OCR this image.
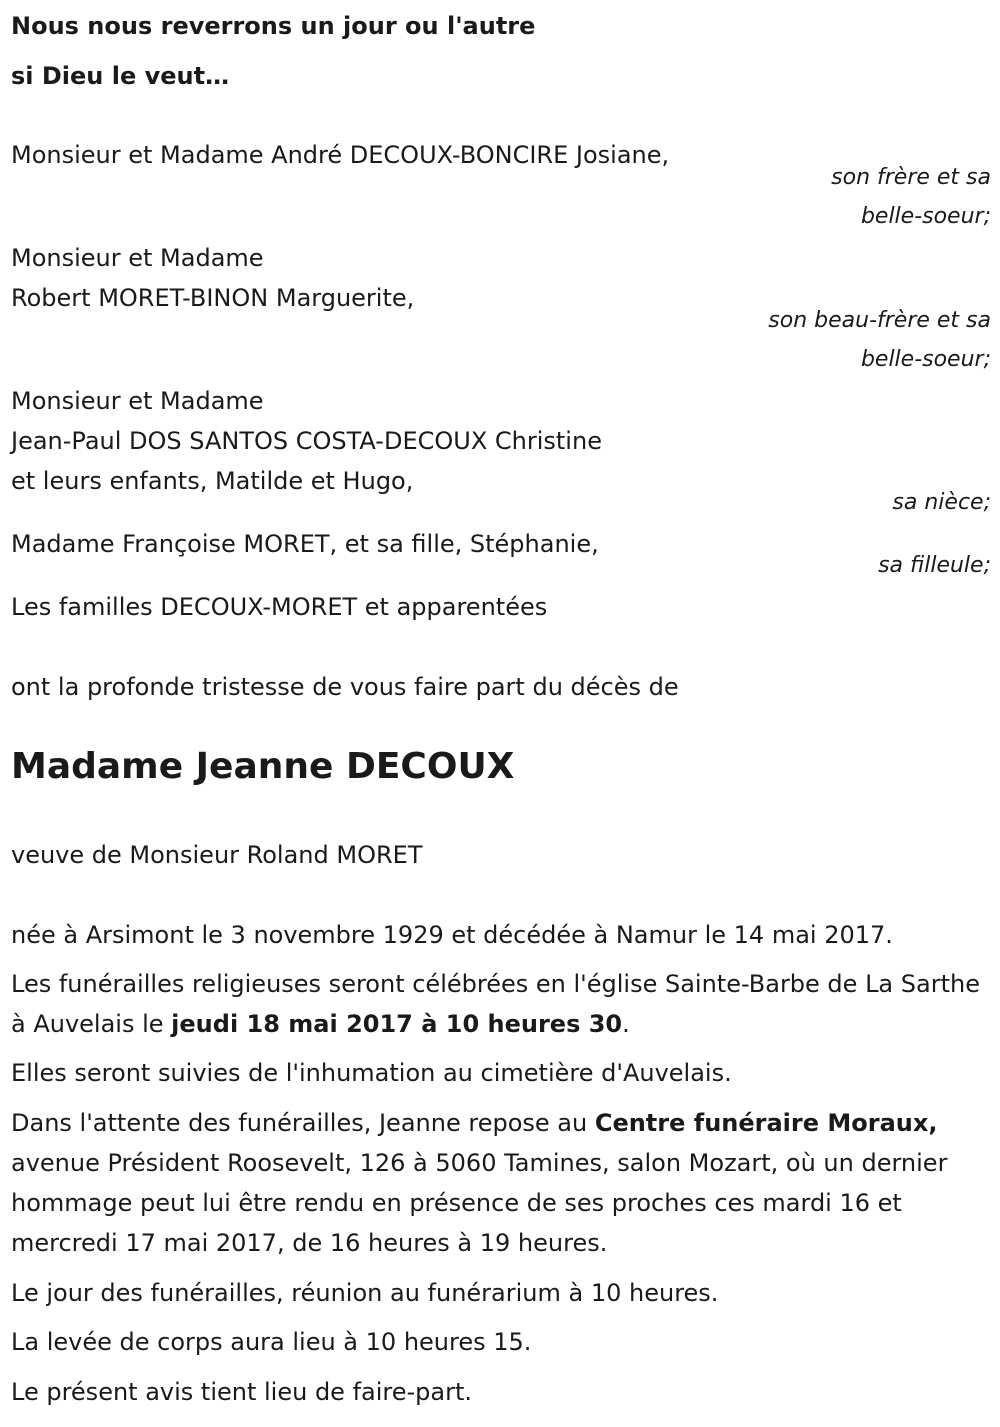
Nous nous reverrons un jour ou l'autre
si Dieu le veut…
Monsieur et Madame André DECOUX-BONCIRE Josiane,
son frère et sa
belle-soeur;
Monsieur et Madame
Robert MORET-BINON Marguerite,
son beau-frère et sa
belle-soeur;
Monsieur et Madame
Jean-Paul DOS SANTOS COSTA-DECOUX Christine
et leurs enfants, Matilde et Hugo,
sa nièce;
Madame Françoise MORET, et sa fille, Stéphanie,
sa filleule;
Les familles DECOUX-MORET et apparentées
ont la profonde tristesse de vous faire part du décès de
Madame Jeanne DECOUX
veuve de Monsieur Roland MORET
née à Arsimont le 3 novembre 1929 et décédée à Namur le 14 mai 2017.
Les funérailles religieuses seront célébrées en l'église Sainte-Barbe de La Sarthe à Auvelais le jeudi 18 mai 2017 à 10 heures 30.
Elles seront suivies de l'inhumation au cimetière d'Auvelais.
Dans l'attente des funérailles, Jeanne repose au Centre funéraire Moraux, avenue Président Roosevelt, 126 à 5060 Tamines, salon Mozart, où un dernier hommage peut lui être rendu en présence de ses proches ces mardi 16 et mercredi 17 mai 2017, de 16 heures à 19 heures.
Le jour des funérailles, réunion au funérarium à 10 heures.
La levée de corps aura lieu à 10 heures 15.
Le présent avis tient lieu de faire-part.
